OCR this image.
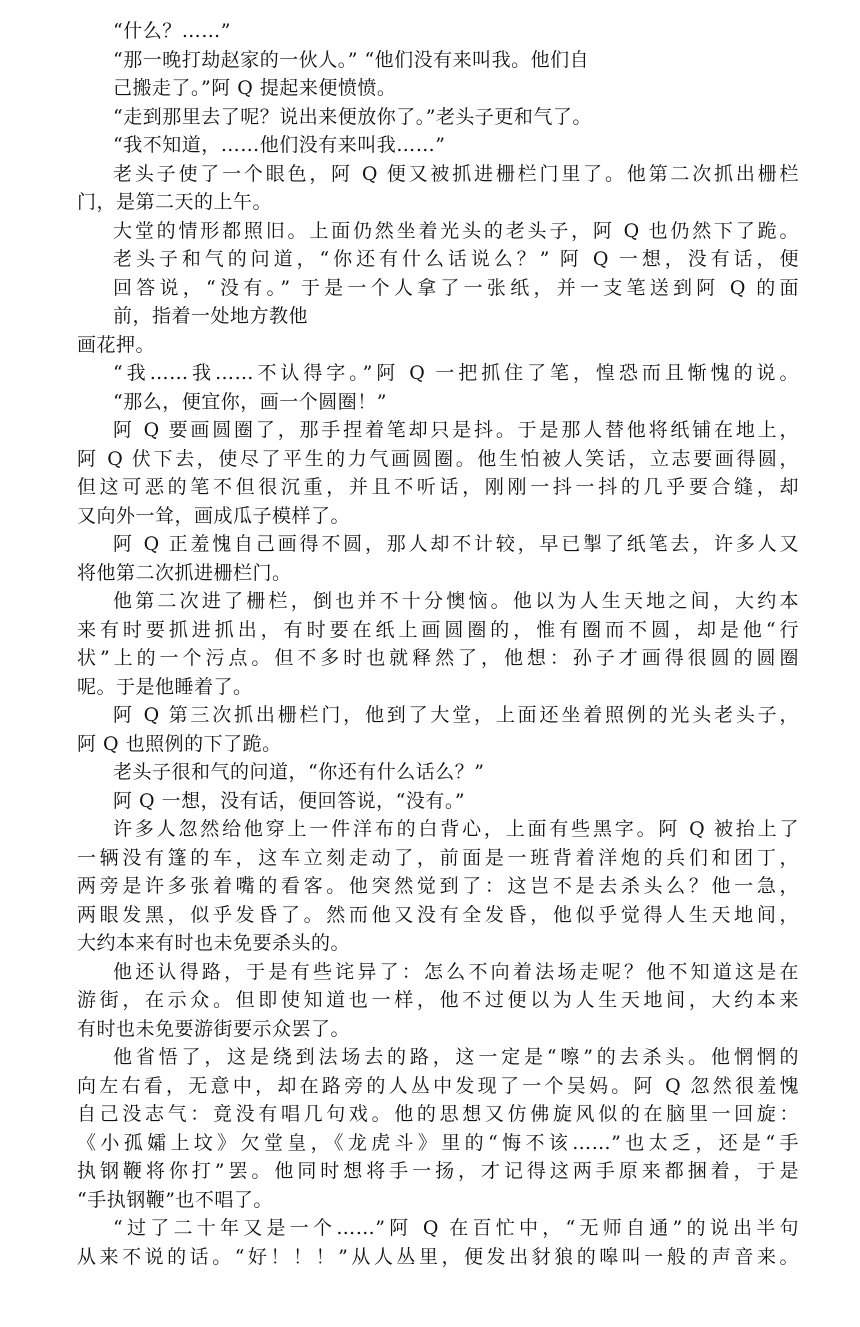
“什么？……”
“那一晚打劫赵家的一伙人。” “他们没有来叫我。他们自
己搬走了。”阿 Q 提起来便愤愤。
“走到那里去了呢？说出来便放你了。”老头子更和气了。
“我不知道，……他们没有来叫我……”
老头子使了一个眼色，阿 Q 便又被抓进栅栏门里了。他第二次抓出栅栏
门，是第二天的上午。
大堂的情形都照旧。上面仍然坐着光头的老头子，阿 Q 也仍然下了跪。
老头子和气的问道，“你还有什么话说么？” 阿 Q 一想，没有话，便
回答说，“没有。” 于是一个人拿了一张纸，并一支笔送到阿 Q 的面
前，指着一处地方教他
画花押。
“我……我……不认得字。”阿 Q 一把抓住了笔，惶恐而且惭愧的说。
“那么，便宜你，画一个圆圈！”
阿 Q 要画圆圈了，那手捏着笔却只是抖。于是那人替他将纸铺在地上，
阿 Q 伏下去，使尽了平生的力气画圆圈。他生怕被人笑话，立志要画得圆，
但这可恶的笔不但很沉重，并且不听话，刚刚一抖一抖的几乎要合缝，却
又向外一耸，画成瓜子模样了。
阿 Q 正羞愧自己画得不圆，那人却不计较，早已掣了纸笔去，许多人又
将他第二次抓进栅栏门。
他第二次进了栅栏，倒也并不十分懊恼。他以为人生天地之间，大约本
来有时要抓进抓出，有时要在纸上画圆圈的，惟有圈而不圆，却是他“行
状”上的一个污点。但不多时也就释然了，他想：孙子才画得很圆的圆圈
呢。于是他睡着了。
阿 Q 第三次抓出栅栏门，他到了大堂，上面还坐着照例的光头老头子，
阿 Q 也照例的下了跪。
老头子很和气的问道，“你还有什么话么？”
阿 Q 一想，没有话，便回答说，“没有。”
许多人忽然给他穿上一件洋布的白背心，上面有些黑字。阿 Q 被抬上了
一辆没有篷的车，这车立刻走动了，前面是一班背着洋炮的兵们和团丁，
两旁是许多张着嘴的看客。他突然觉到了：这岂不是去杀头么？他一急，
两眼发黑，似乎发昏了。然而他又没有全发昏，他似乎觉得人生天地间，
大约本来有时也未免要杀头的。
他还认得路，于是有些诧异了：怎么不向着法场走呢？他不知道这是在
游街，在示众。但即使知道也一样，他不过便以为人生天地间，大约本来
有时也未免要游街要示众罢了。
他省悟了，这是绕到法场去的路，这一定是“嚓”的去杀头。他惘惘的
向左右看，无意中，却在路旁的人丛中发现了一个吴妈。阿 Q 忽然很羞愧
自己没志气：竟没有唱几句戏。他的思想又仿佛旋风似的在脑里一回旋：
《小孤孀上坟》欠堂皇，《龙虎斗》里的“悔不该……”也太乏，还是“手
执钢鞭将你打”罢。他同时想将手一扬，才记得这两手原来都捆着，于是
“手执钢鞭”也不唱了。
“过了二十年又是一个……”阿 Q 在百忙中，“无师自通”的说出半句
从来不说的话。“好！！！”从人丛里，便发出豺狼的嗥叫一般的声音来。
